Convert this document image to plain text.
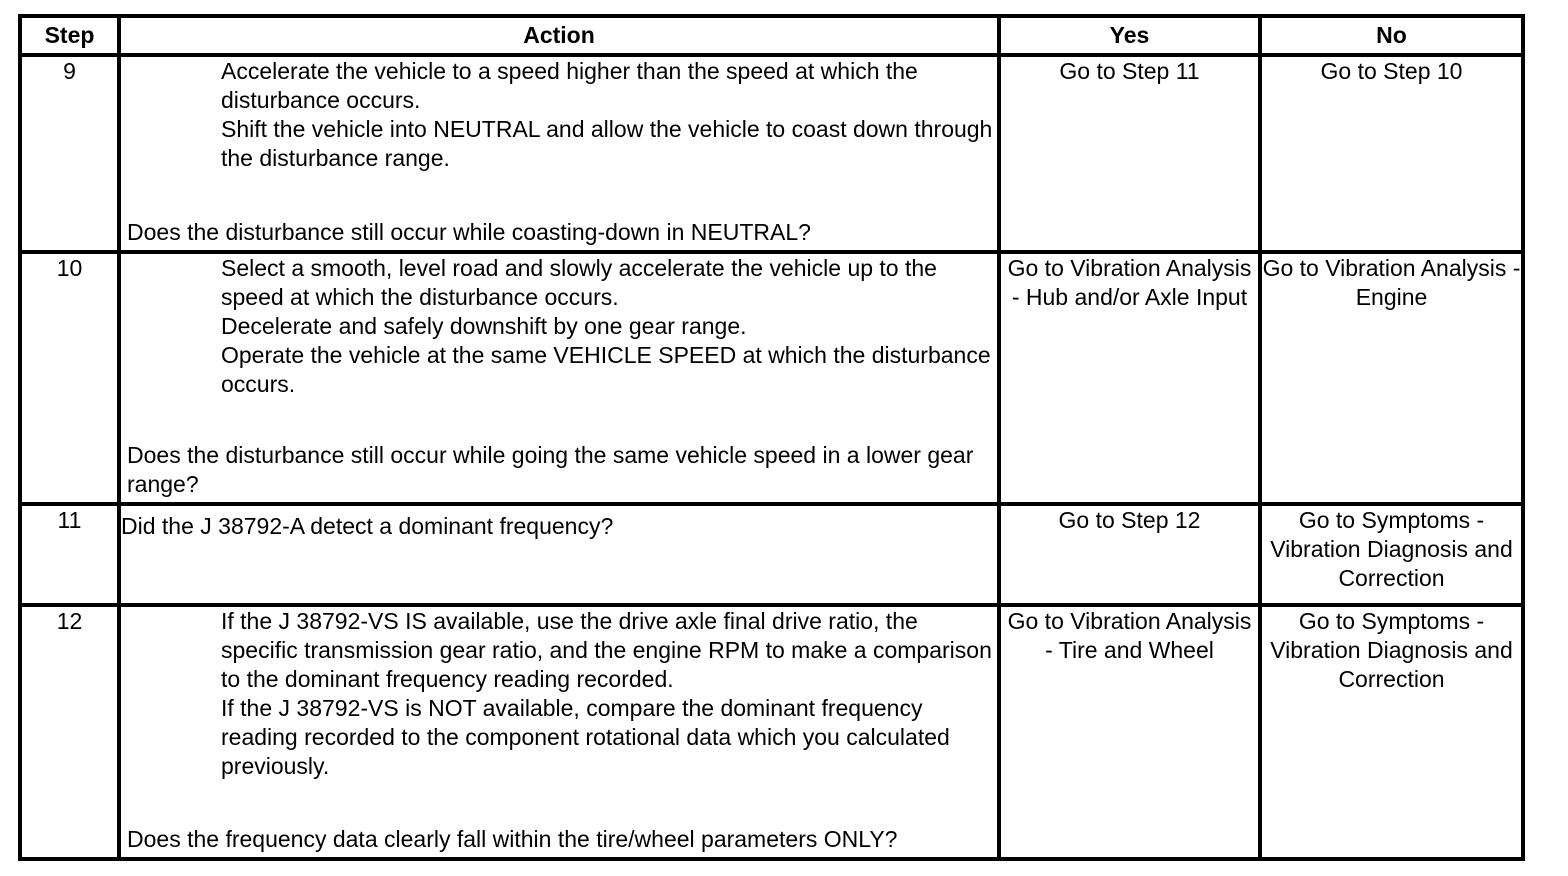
Step	Action	Yes	No
9	Accelerate the vehicle to a speed higher than the speed at which the disturbance occurs.
Shift the vehicle into NEUTRAL and allow the vehicle to coast down through the disturbance range.
Does the disturbance still occur while coasting-down in NEUTRAL?	Go to Step 11	Go to Step 10
10	Select a smooth, level road and slowly accelerate the vehicle up to the speed at which the disturbance occurs.
Decelerate and safely downshift by one gear range.
Operate the vehicle at the same VEHICLE SPEED at which the disturbance occurs.
Does the disturbance still occur while going the same vehicle speed in a lower gear range?	Go to Vibration Analysis - Hub and/or Axle Input	Go to Vibration Analysis - Engine
11	Did the J 38792-A detect a dominant frequency?	Go to Step 12	Go to Symptoms - Vibration Diagnosis and Correction
12	If the J 38792-VS IS available, use the drive axle final drive ratio, the specific transmission gear ratio, and the engine RPM to make a comparison to the dominant frequency reading recorded.
If the J 38792-VS is NOT available, compare the dominant frequency reading recorded to the component rotational data which you calculated previously.
Does the frequency data clearly fall within the tire/wheel parameters ONLY?	Go to Vibration Analysis - Tire and Wheel	Go to Symptoms - Vibration Diagnosis and Correction
